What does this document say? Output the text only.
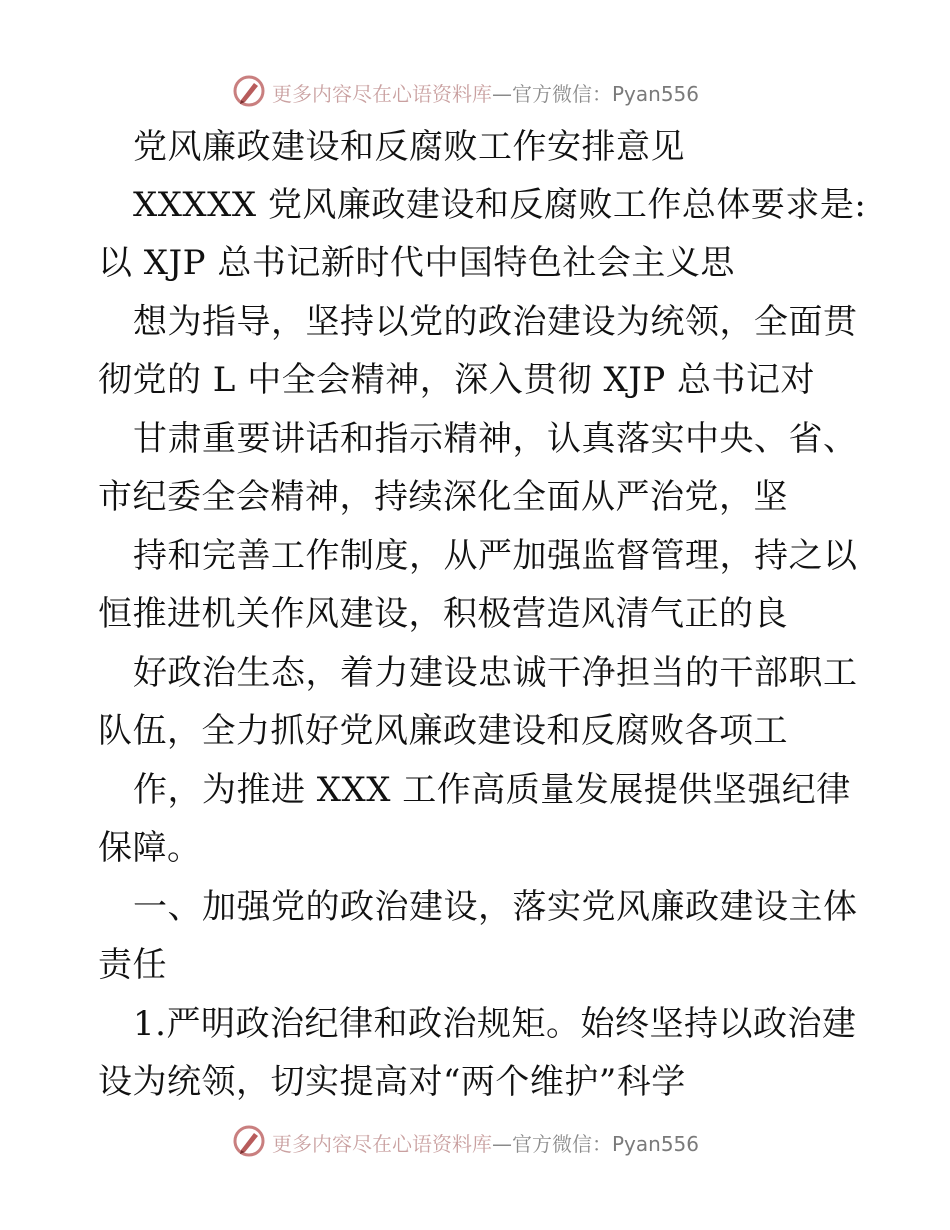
更多内容尽在心语资料库—官方微信：Pyan556
党风廉政建设和反腐败工作安排意见
XXXXX 党风廉政建设和反腐败工作总体要求是:
以 XJP 总书记新时代中国特色社会主义思
想为指导，坚持以党的政治建设为统领，全面贯
彻党的 L 中全会精神，深入贯彻 XJP 总书记对
甘肃重要讲话和指示精神，认真落实中央、省、
市纪委全会精神，持续深化全面从严治党，坚
持和完善工作制度，从严加强监督管理，持之以
恒推进机关作风建设，积极营造风清气正的良
好政治生态，着力建设忠诚干净担当的干部职工
队伍，全力抓好党风廉政建设和反腐败各项工
作，为推进 XXX 工作高质量发展提供坚强纪律
保障。
一、加强党的政治建设，落实党风廉政建设主体
责任
1.严明政治纪律和政治规矩。始终坚持以政治建
设为统领，切实提高对“两个维护”科学
更多内容尽在心语资料库—官方微信：Pyan556
